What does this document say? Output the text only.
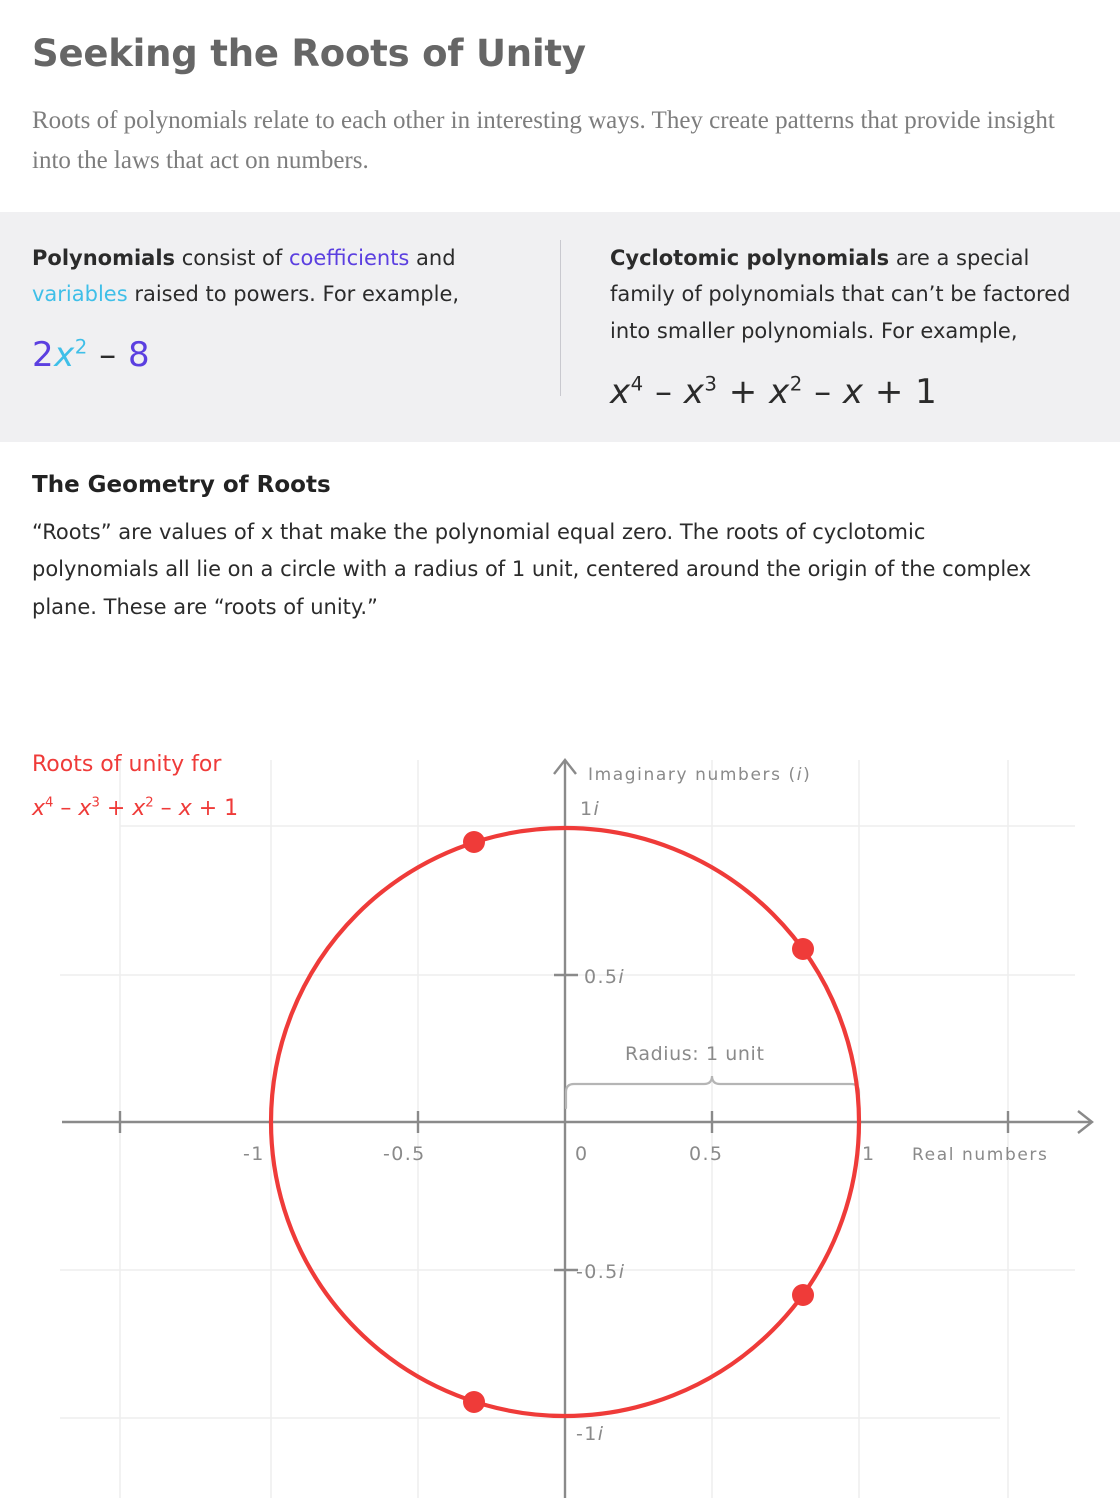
Seeking the Roots of Unity

Roots of polynomials relate to each other in interesting ways. They create patterns that provide insight into the laws that act on numbers.

Polynomials consist of coefficients and variables raised to powers. For example,

$2x^2 - 8$

Cyclotomic polynomials are a special family of polynomials that can’t be factored into smaller polynomials. For example,

$x^4 - x^3 + x^2 - x + 1$
The Geometry of Roots

“Roots” are values of x that make the polynomial equal zero. The roots of cyclotomic polynomials all lie on a circle with a radius of 1 unit, centered around the origin of the complex plane. These are “roots of unity.”

Roots of unity for
$x^4 - x^3 + x^2 - x + 1$
Imaginary numbers (i)
Real numbers
-1	-0.5	0	0.5	1
1i
0.5i
-0.5i
-1i
Radius: 1 unit
